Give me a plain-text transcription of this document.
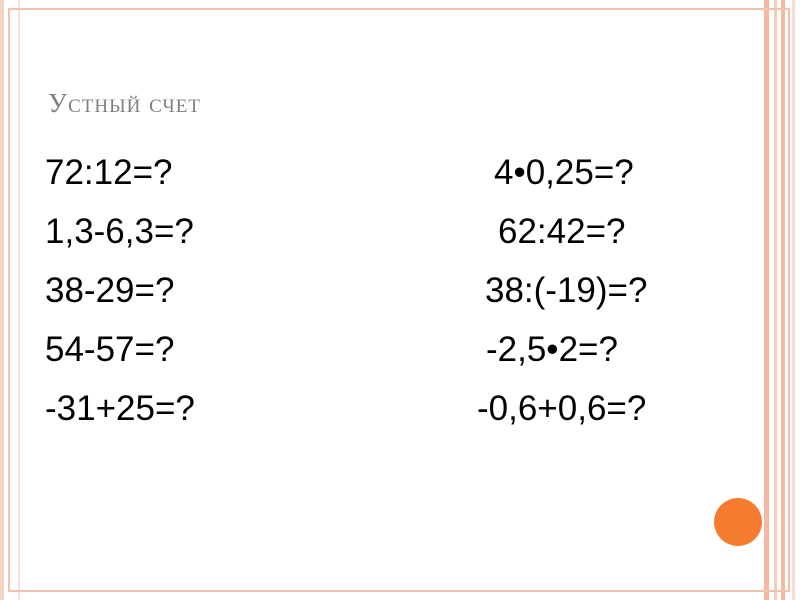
Устный счет
72:12=?
1,3-6,3=?
38-29=?
54-57=?
-31+25=?
4•0,25=?
62:42=?
38:(-19)=?
-2,5•2=?
-0,6+0,6=?
